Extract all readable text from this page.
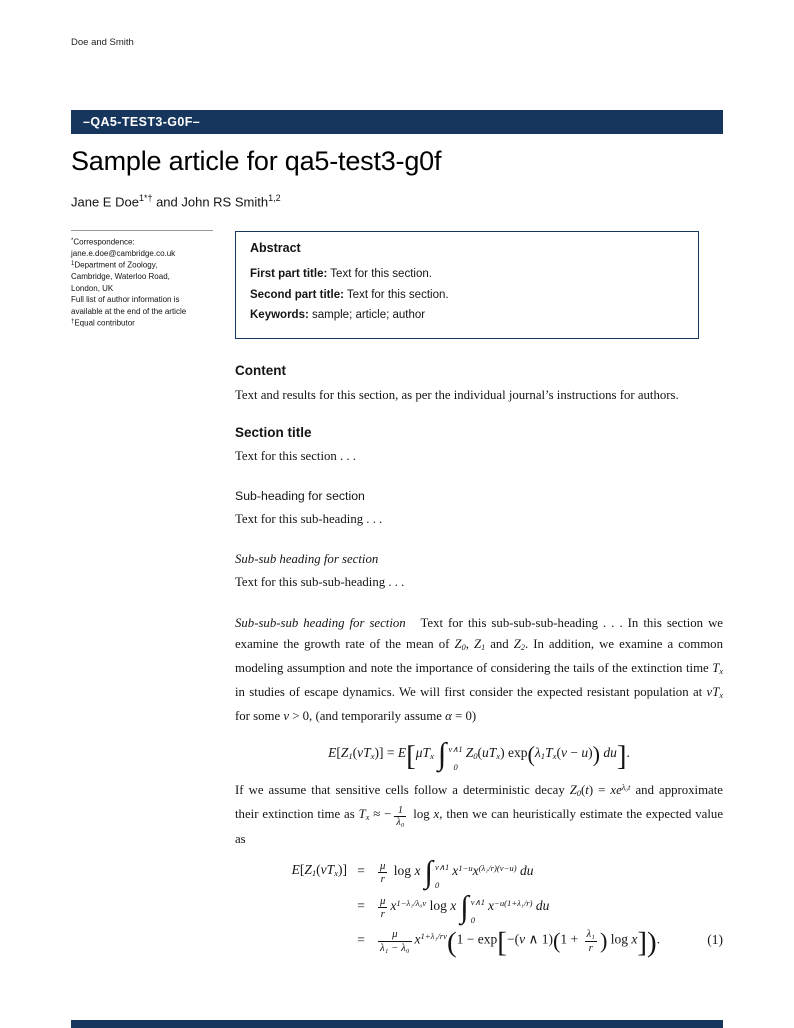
Doe and Smith
–QA5-TEST3-G0F–
Sample article for qa5-test3-g0f
Jane E Doe$^{1*\dagger}$ and John RS Smith$^{1,2}$
*Correspondence:
jane.e.doe@cambridge.co.uk
$^1$Department of Zoology,
Cambridge, Waterloo Road,
London, UK
Full list of author information is
available at the end of the article
†Equal contributor
Abstract
First part title: Text for this section.
Second part title: Text for this section.
Keywords: sample; article; author
Content

Text and results for this section, as per the individual journal’s instructions for authors.

Section title

Text for this section . . .

Sub-heading for section

Text for this sub-heading . . .

Sub-sub heading for section

Text for this sub-sub-heading . . .

Sub-sub-sub heading for section   Text for this sub-sub-sub-heading . . . In this section we examine the growth rate of the mean of Z0, Z1 and Z2. In addition, we examine a common modeling assumption and note the importance of considering the tails of the extinction time Tx in studies of escape dynamics. We will first consider the expected resistant population at vTx for some v > 0, (and temporarily assume α = 0)

E[Z1(vTx)] = E[μTx ∫ v∧1
0
Z0(uTx) exp(λ1Tx(v − u)) du].

If we assume that sensitive cells follow a deterministic decay $Z0(t) = xe^{\lambda_0t}$ and approximate their extinction time as Tx ≈ − $\frac{1}{\text{λ₀}}$ log x, then we can heuristically estimate the expected value as

E[Z1(vTx)] =	$\frac{\mu}{r}$ log x ∫ v∧1
0
$x^{1-u}x^{(\lambda_1/r)(v-u)}$ du
=	$\frac{\mu}{r} x^{1-\lambda_1/\lambda_0v}$ log x ∫ v∧1
0
$x^{-u(1+\lambda_1/r)}$ du
=	$\frac{\mu}{\text{λ₁ − λ₀}} x^{1+\lambda_1/rv}(1 - \exp[-(v$ ∧ $1)(1 + \frac{\text{λ₁}}{r}$ ) log x]).	(1)
